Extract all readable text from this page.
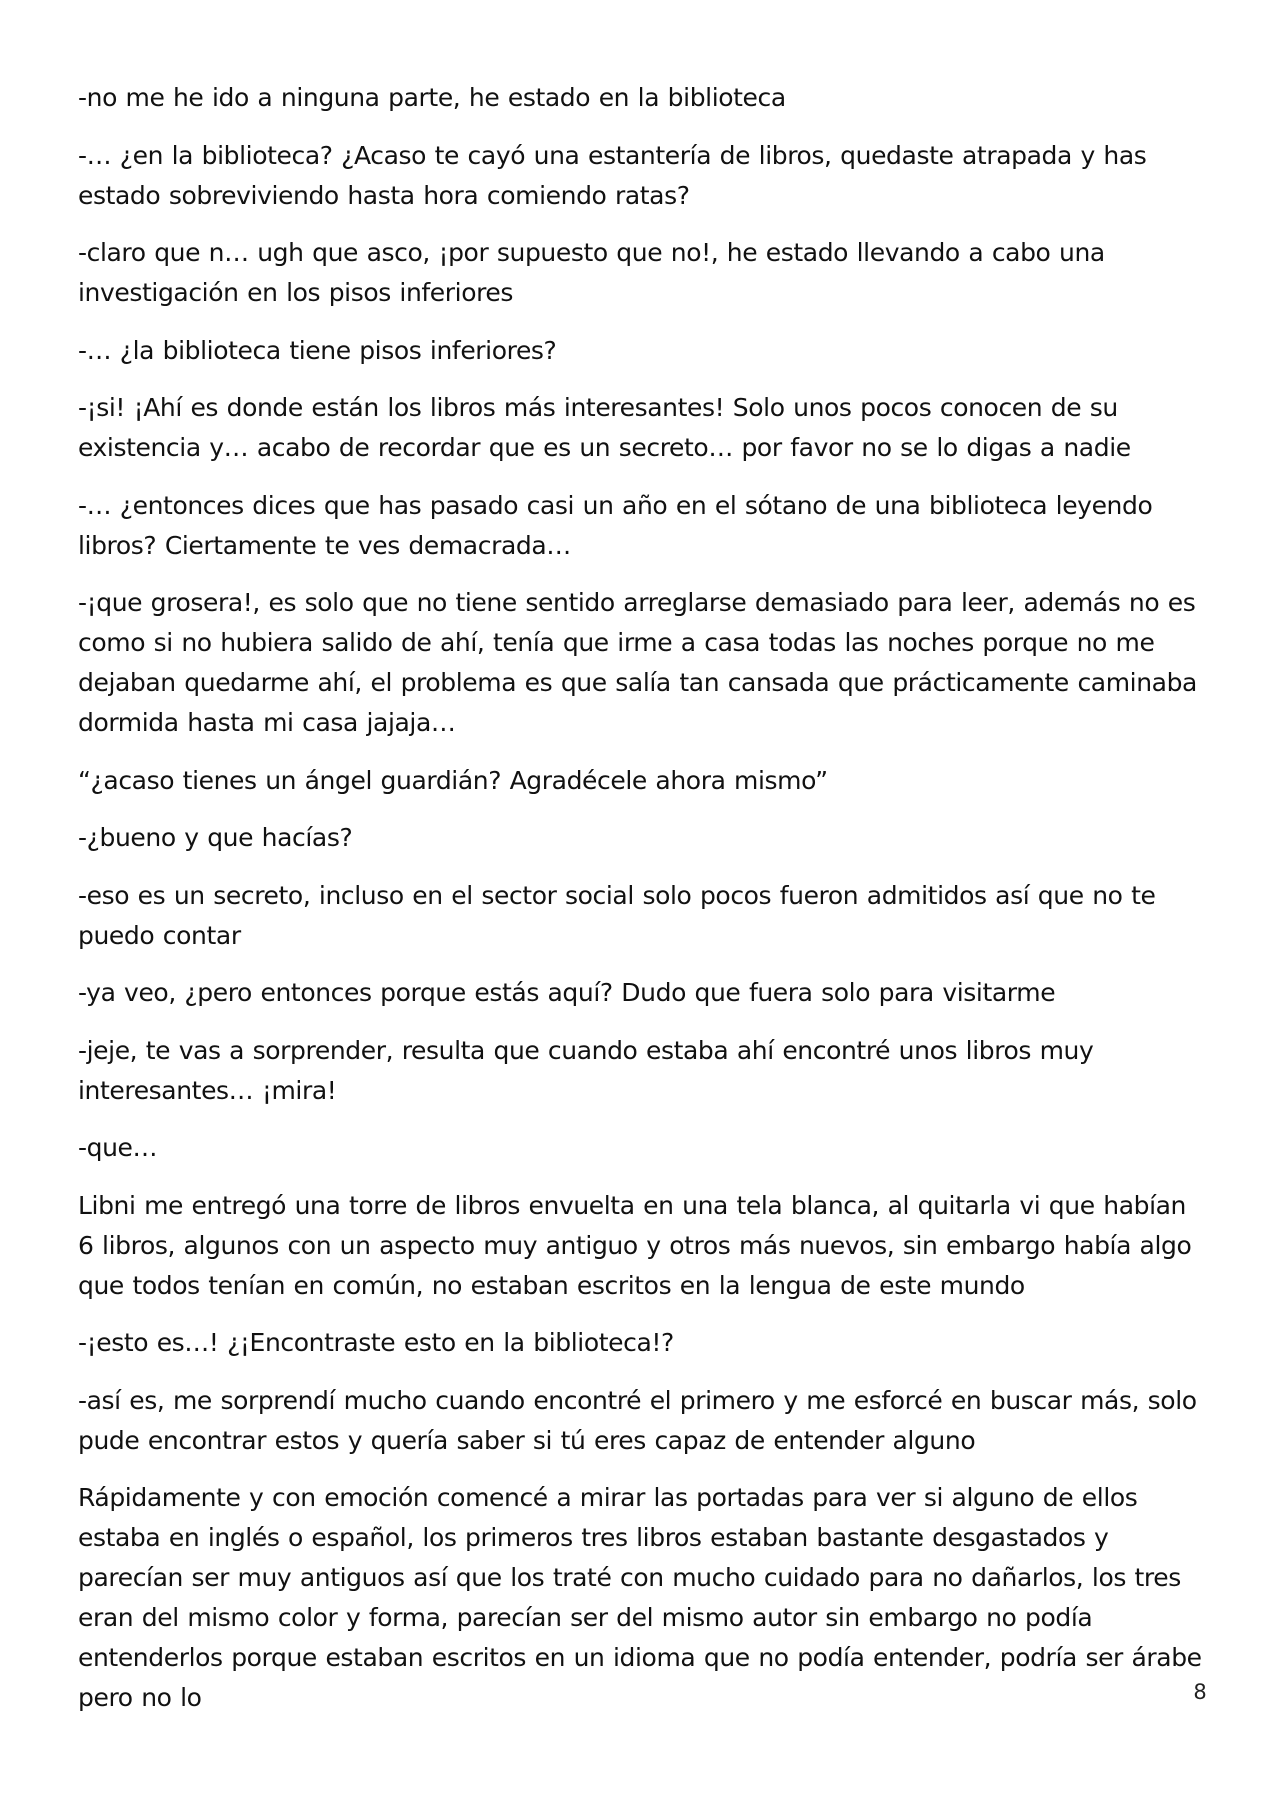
-no me he ido a ninguna parte, he estado en la biblioteca

-… ¿en la biblioteca? ¿Acaso te cayó una estantería de libros, quedaste atrapada y has estado sobreviviendo hasta hora comiendo ratas?

-claro que n… ugh que asco, ¡por supuesto que no!, he estado llevando a cabo una investigación en los pisos inferiores

-… ¿la biblioteca tiene pisos inferiores?

-¡si! ¡Ahí es donde están los libros más interesantes! Solo unos pocos conocen de su existencia y… acabo de recordar que es un secreto… por favor no se lo digas a nadie

-… ¿entonces dices que has pasado casi un año en el sótano de una biblioteca leyendo libros? Ciertamente te ves demacrada…

-¡que grosera!, es solo que no tiene sentido arreglarse demasiado para leer, además no es como si no hubiera salido de ahí, tenía que irme a casa todas las noches porque no me dejaban quedarme ahí, el problema es que salía tan cansada que prácticamente caminaba dormida hasta mi casa jajaja…

“¿acaso tienes un ángel guardián? Agradécele ahora mismo”

-¿bueno y que hacías?

-eso es un secreto, incluso en el sector social solo pocos fueron admitidos así que no te puedo contar

-ya veo, ¿pero entonces porque estás aquí? Dudo que fuera solo para visitarme

-jeje, te vas a sorprender, resulta que cuando estaba ahí encontré unos libros muy interesantes… ¡mira!

-que…

Libni me entregó una torre de libros envuelta en una tela blanca, al quitarla vi que habían 6 libros, algunos con un aspecto muy antiguo y otros más nuevos, sin embargo había algo que todos tenían en común, no estaban escritos en la lengua de este mundo

-¡esto es…! ¿¡Encontraste esto en la biblioteca!?

-así es, me sorprendí mucho cuando encontré el primero y me esforcé en buscar más, solo pude encontrar estos y quería saber si tú eres capaz de entender alguno

Rápidamente y con emoción comencé a mirar las portadas para ver si alguno de ellos estaba en inglés o español, los primeros tres libros estaban bastante desgastados y parecían ser muy antiguos así que los traté con mucho cuidado para no dañarlos, los tres eran del mismo color y forma, parecían ser del mismo autor sin embargo no podía entenderlos porque estaban escritos en un idioma que no podía entender, podría ser árabe pero no lo	8
